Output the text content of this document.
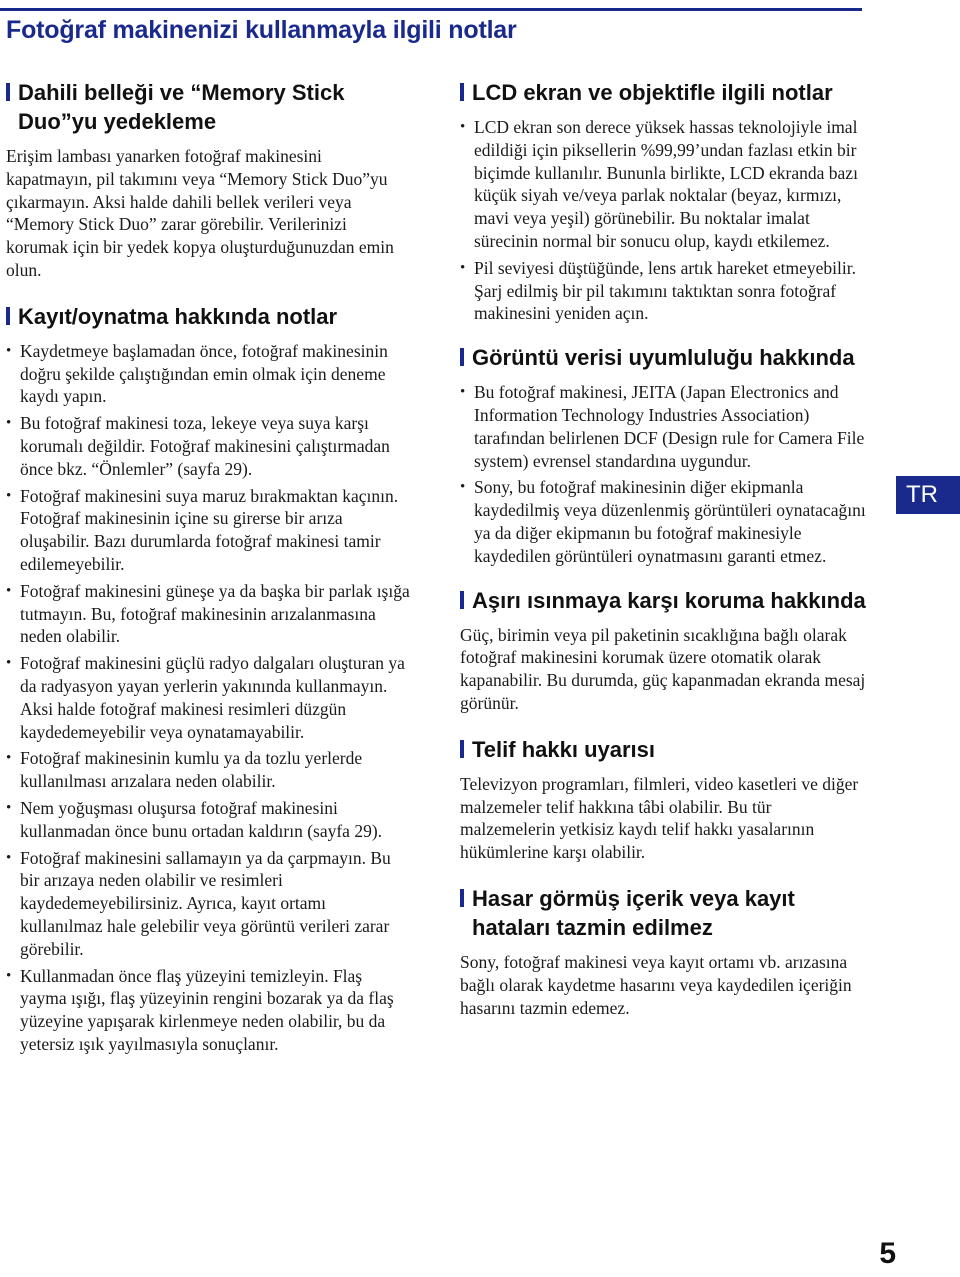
Fotoğraf makinenizi kullanmayla ilgili notlar
Dahili belleği ve “Memory Stick Duo”yu yedekleme

Erişim lambası yanarken fotoğraf makinesini kapatmayın, pil takımını veya “Memory Stick Duo”yu çıkarmayın. Aksi halde dahili bellek verileri veya “Memory Stick Duo” zarar görebilir. Verilerinizi korumak için bir yedek kopya oluşturduğunuzdan emin olun.

Kayıt/oynatma hakkında notlar
• Kaydetmeye başlamadan önce, fotoğraf makinesinin doğru şekilde çalıştığından emin olmak için deneme kaydı yapın.
• Bu fotoğraf makinesi toza, lekeye veya suya karşı korumalı değildir. Fotoğraf makinesini çalıştırmadan önce bkz. “Önlemler” (sayfa 29).
• Fotoğraf makinesini suya maruz bırakmaktan kaçının. Fotoğraf makinesinin içine su girerse bir arıza oluşabilir. Bazı durumlarda fotoğraf makinesi tamir edilemeyebilir.
• Fotoğraf makinesini güneşe ya da başka bir parlak ışığa tutmayın. Bu, fotoğraf makinesinin arızalanmasına neden olabilir.
• Fotoğraf makinesini güçlü radyo dalgaları oluşturan ya da radyasyon yayan yerlerin yakınında kullanmayın. Aksi halde fotoğraf makinesi resimleri düzgün kaydedemeyebilir veya oynatamayabilir.
• Fotoğraf makinesinin kumlu ya da tozlu yerlerde kullanılması arızalara neden olabilir.
• Nem yoğuşması oluşursa fotoğraf makinesini kullanmadan önce bunu ortadan kaldırın (sayfa 29).
• Fotoğraf makinesini sallamayın ya da çarpmayın. Bu bir arızaya neden olabilir ve resimleri kaydedemeyebilirsiniz. Ayrıca, kayıt ortamı kullanılmaz hale gelebilir veya görüntü verileri zarar görebilir.
• Kullanmadan önce flaş yüzeyini temizleyin. Flaş yayma ışığı, flaş yüzeyinin rengini bozarak ya da flaş yüzeyine yapışarak kirlenmeye neden olabilir, bu da yetersiz ışık yayılmasıyla sonuçlanır.
LCD ekran ve objektifle ilgili notlar
• LCD ekran son derece yüksek hassas teknolojiyle imal edildiği için piksellerin %99,99’undan fazlası etkin bir biçimde kullanılır. Bununla birlikte, LCD ekranda bazı küçük siyah ve/veya parlak noktalar (beyaz, kırmızı, mavi veya yeşil) görünebilir. Bu noktalar imalat sürecinin normal bir sonucu olup, kaydı etkilemez.
• Pil seviyesi düştüğünde, lens artık hareket etmeyebilir. Şarj edilmiş bir pil takımını taktıktan sonra fotoğraf makinesini yeniden açın.
Görüntü verisi uyumluluğu hakkında
• Bu fotoğraf makinesi, JEITA (Japan Electronics and Information Technology Industries Association) tarafından belirlenen DCF (Design rule for Camera File system) evrensel standardına uygundur.
• Sony, bu fotoğraf makinesinin diğer ekipmanla kaydedilmiş veya düzenlenmiş görüntüleri oynatacağını ya da diğer ekipmanın bu fotoğraf makinesiyle kaydedilen görüntüleri oynatmasını garanti etmez.
Aşırı ısınmaya karşı koruma hakkında

Güç, birimin veya pil paketinin sıcaklığına bağlı olarak fotoğraf makinesini korumak üzere otomatik olarak kapanabilir. Bu durumda, güç kapanmadan ekranda mesaj görünür.

Telif hakkı uyarısı

Televizyon programları, filmleri, video kasetleri ve diğer malzemeler telif hakkına tâbi olabilir. Bu tür malzemelerin yetkisiz kaydı telif hakkı yasalarının hükümlerine karşı olabilir.

Hasar görmüş içerik veya kayıt hataları tazmin edilmez

Sony, fotoğraf makinesi veya kayıt ortamı vb. arızasına bağlı olarak kaydetme hasarını veya kaydedilen içeriğin hasarını tazmin edemez.

TR
5
